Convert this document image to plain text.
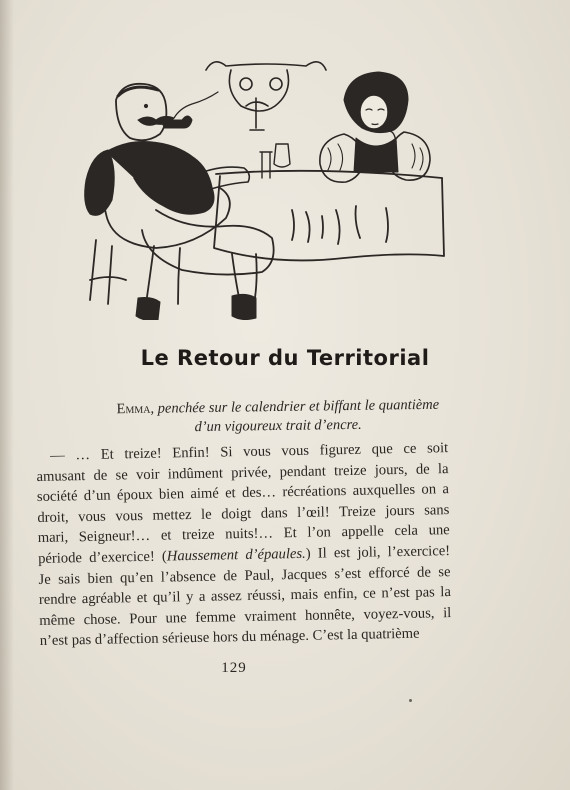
Le Retour du Territorial
Emma, penchée sur le calendrier et biffant le quantième
d’un vigoureux trait d’encre.
— … Et treize! Enfin! Si vous vous figurez que ce soit
amusant de se voir indûment privée, pendant treize jours, de la
société d’un époux bien aimé et des… récréations auxquelles on a
droit, vous vous mettez le doigt dans l’œil! Treize jours sans
mari, Seigneur!… et treize nuits!… Et l’on appelle cela une
période d’exercice! (Haussement d’épaules.) Il est joli, l’exercice!
Je sais bien qu’en l’absence de Paul, Jacques s’est efforcé de se
rendre agréable et qu’il y a assez réussi, mais enfin, ce n’est pas la
même chose. Pour une femme vraiment honnête, voyez-vous, il
n’est pas d’affection sérieuse hors du ménage. C’est la quatrième
129
